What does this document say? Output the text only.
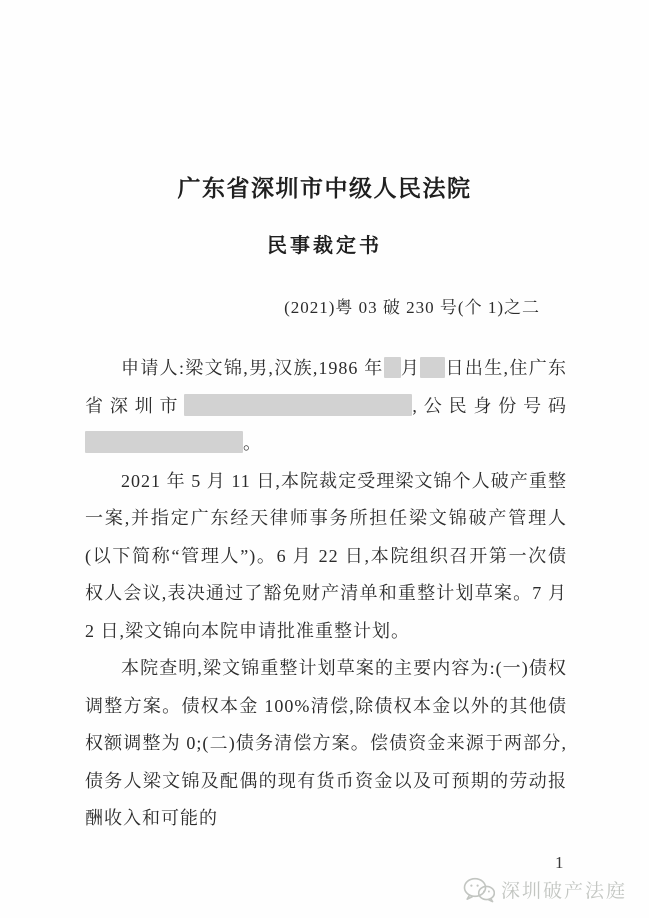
广东省深圳市中级人民法院
民事裁定书
(2021)粤 03 破 230 号(个 1)之二

申请人:梁文锦,男,汉族,1986 年 月 日出生,住广东省深圳市	,公民身份号码。

2021 年 5 月 11 日,本院裁定受理梁文锦个人破产重整一案,并指定广东经天律师事务所担任梁文锦破产管理人(以下简称“管理人”)。6 月 22 日,本院组织召开第一次债权人会议,表决通过了豁免财产清单和重整计划草案。7 月 2 日,梁文锦向本院申请批准重整计划。

本院查明,梁文锦重整计划草案的主要内容为:(一)债权调整方案。债权本金 100%清偿,除债权本金以外的其他债权额调整为 0;(二)债务清偿方案。偿债资金来源于两部分,债务人梁文锦及配偶的现有货币资金以及可预期的劳动报酬收入和可能的

1
深圳破产法庭
